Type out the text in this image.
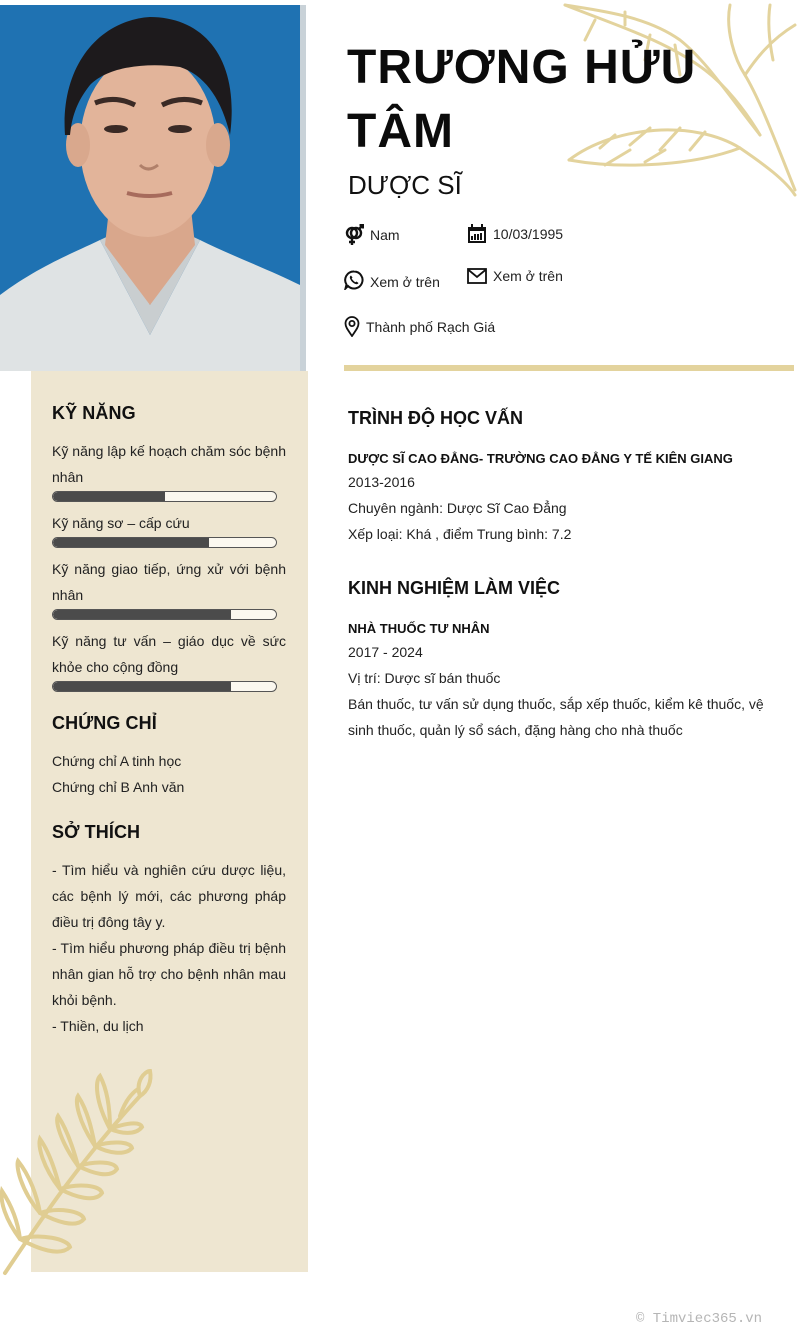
TRƯƠNG HỬU TÂM
DƯỢC SĨ
Nam	10/03/1995
Xem ở trên	Xem ở trên
Thành phố Rạch Giá
KỸ NĂNG
Kỹ năng lập kế hoạch chăm sóc bệnh nhân
Kỹ năng sơ – cấp cứu
Kỹ năng giao tiếp, ứng xử với bệnh nhân
Kỹ năng tư vấn – giáo dục về sức khỏe cho cộng đồng
CHỨNG CHỈ
Chứng chỉ A tinh học
Chứng chỉ B Anh văn
SỞ THÍCH
- Tìm hiểu và nghiên cứu dược liệu, các bệnh lý mới, các phương pháp điều trị đông tây y.
- Tìm hiểu phương pháp điều trị bệnh nhân gian hỗ trợ cho bệnh nhân mau khỏi bệnh.
- Thiền, du lịch
TRÌNH ĐỘ HỌC VẤN
DƯỢC SĨ CAO ĐẲNG- TRƯỜNG CAO ĐẲNG Y TẾ KIÊN GIANG
2013-2016
Chuyên ngành: Dược Sĩ Cao Đẳng
Xếp loại: Khá , điểm Trung bình: 7.2
KINH NGHIỆM LÀM VIỆC
NHÀ THUỐC TƯ NHÂN
2017 - 2024
Vị trí: Dược sĩ bán thuốc
Bán thuốc, tư vấn sử dụng thuốc, sắp xếp thuốc, kiểm kê thuốc, vệ sinh thuốc, quản lý sổ sách, đặng hàng cho nhà thuốc
© Timviec365.vn
